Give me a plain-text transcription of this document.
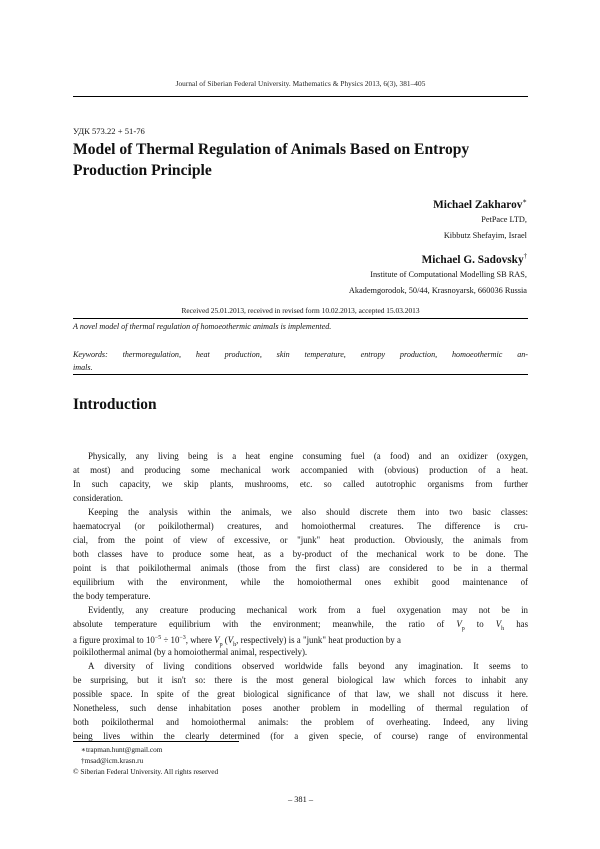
Journal of Siberian Federal University. Mathematics & Physics 2013, 6(3), 381–405
УДК 573.22 + 51-76
Model of Thermal Regulation of Animals Based on Entropy
Production Principle
Michael Zakharov∗
PetPace LTD,
Kibbutz Shefayim, Israel
Michael G. Sadovsky†
Institute of Computational Modelling SB RAS,
Akademgorodok, 50/44, Krasnoyarsk, 660036 Russia
Received 25.01.2013, received in revised form 10.02.2013, accepted 15.03.2013
A novel model of thermal regulation of homoeothermic animals is implemented.
Keywords: thermoregulation, heat production, skin temperature, entropy production, homoeothermic an-
imals.
Introduction
Physically, any living being is a heat engine consuming fuel (a food) and an oxidizer (oxygen,
at most) and producing some mechanical work accompanied with (obvious) production of a heat.
In such capacity, we skip plants, mushrooms, etc. so called autotrophic organisms from further
consideration.
Keeping the analysis within the animals, we also should discrete them into two basic classes:
haematocryal (or poikilothermal) creatures, and homoiothermal creatures. The difference is cru-
cial, from the point of view of excessive, or "junk" heat production. Obviously, the animals from
both classes have to produce some heat, as a by-product of the mechanical work to be done. The
point is that poikilothermal animals (those from the first class) are considered to be in a thermal
equilibrium with the environment, while the homoiothermal ones exhibit good maintenance of
the body temperature.
Evidently, any creature producing mechanical work from a fuel oxygenation may not be in
absolute temperature equilibrium with the environment; meanwhile, the ratio of $V_p$ to $V_h$ has
a figure proximal to $10^{-5} \div 10^{-3}$, where $V_p$ ($V_h$, respectively) is a "junk" heat production by a
poikilothermal animal (by a homoiothermal animal, respectively).
A diversity of living conditions observed worldwide falls beyond any imagination. It seems to
be surprising, but it isn't so: there is the most general biological law which forces to inhabit any
possible space. In spite of the great biological significance of that law, we shall not discuss it here.
Nonetheless, such dense inhabitation poses another problem in modelling of thermal regulation of
both poikilothermal and homoiothermal animals: the problem of overheating. Indeed, any living
being lives within the clearly determined (for a given specie, of course) range of environmental
∗trapman.hunt@gmail.com
†msad@icm.krasn.ru
© Siberian Federal University. All rights reserved
– 381 –
